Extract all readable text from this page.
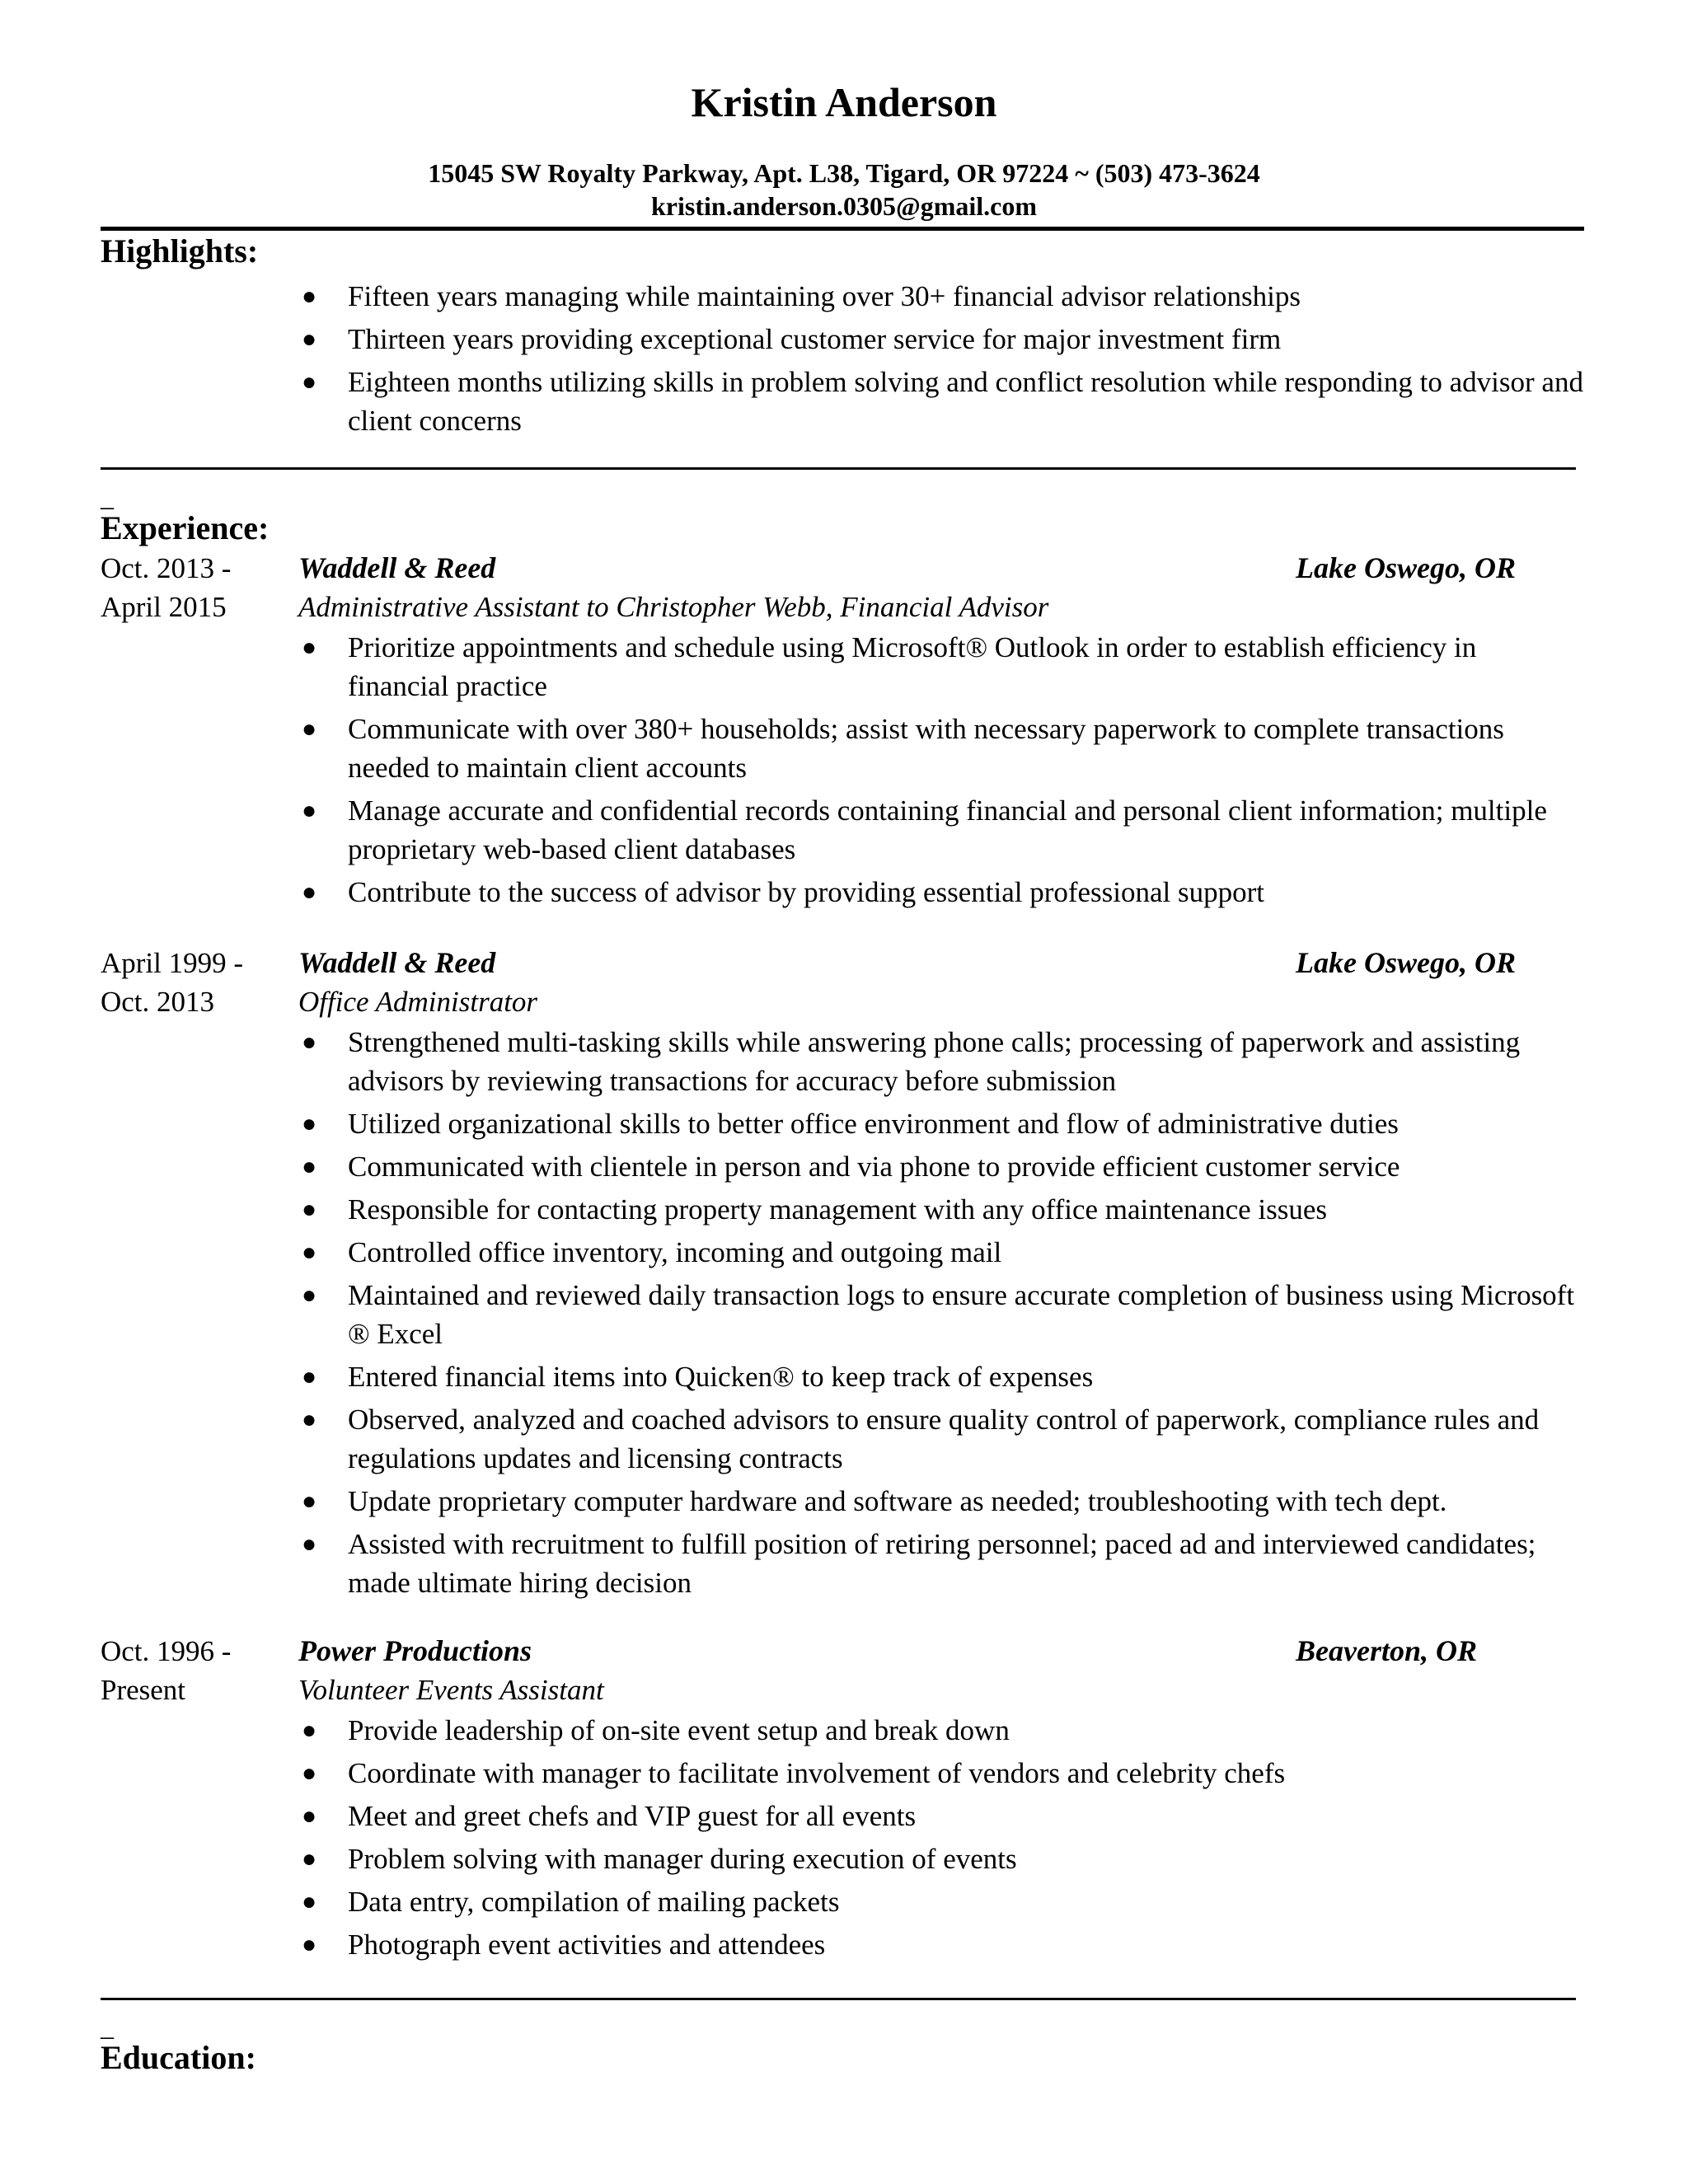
Kristin Anderson
15045 SW Royalty Parkway, Apt. L38, Tigard, OR 97224 ~ (503) 473-3624
kristin.anderson.0305@gmail.com
Highlights:
● Fifteen years managing while maintaining over 30+ financial advisor relationships
● Thirteen years providing exceptional customer service for major investment firm
● Eighteen months utilizing skills in problem solving and conflict resolution while responding to advisor and client concerns
_
Experience:
Oct. 2013 -
April 2015
Waddell & Reed	Lake Oswego, OR
Administrative Assistant to Christopher Webb, Financial Advisor
● Prioritize appointments and schedule using Microsoft® Outlook in order to establish efficiency in financial practice
● Communicate with over 380+ households; assist with necessary paperwork to complete transactions needed to maintain client accounts
● Manage accurate and confidential records containing financial and personal client information; multiple proprietary web-based client databases
● Contribute to the success of advisor by providing essential professional support
April 1999 -
Oct. 2013
Waddell & Reed	Lake Oswego, OR
Office Administrator
● Strengthened multi-tasking skills while answering phone calls; processing of paperwork and assisting advisors by reviewing transactions for accuracy before submission
● Utilized organizational skills to better office environment and flow of administrative duties
● Communicated with clientele in person and via phone to provide efficient customer service
● Responsible for contacting property management with any office maintenance issues
● Controlled office inventory, incoming and outgoing mail
● Maintained and reviewed daily transaction logs to ensure accurate completion of business using Microsoft ® Excel
● Entered financial items into Quicken® to keep track of expenses
● Observed, analyzed and coached advisors to ensure quality control of paperwork, compliance rules and regulations updates and licensing contracts
● Update proprietary computer hardware and software as needed; troubleshooting with tech dept.
● Assisted with recruitment to fulfill position of retiring personnel; paced ad and interviewed candidates; made ultimate hiring decision
Oct. 1996 -
Present
Power Productions	Beaverton, OR
Volunteer Events Assistant
● Provide leadership of on-site event setup and break down
● Coordinate with manager to facilitate involvement of vendors and celebrity chefs
● Meet and greet chefs and VIP guest for all events
● Problem solving with manager during execution of events
● Data entry, compilation of mailing packets
● Photograph event activities and attendees
_
Education:
